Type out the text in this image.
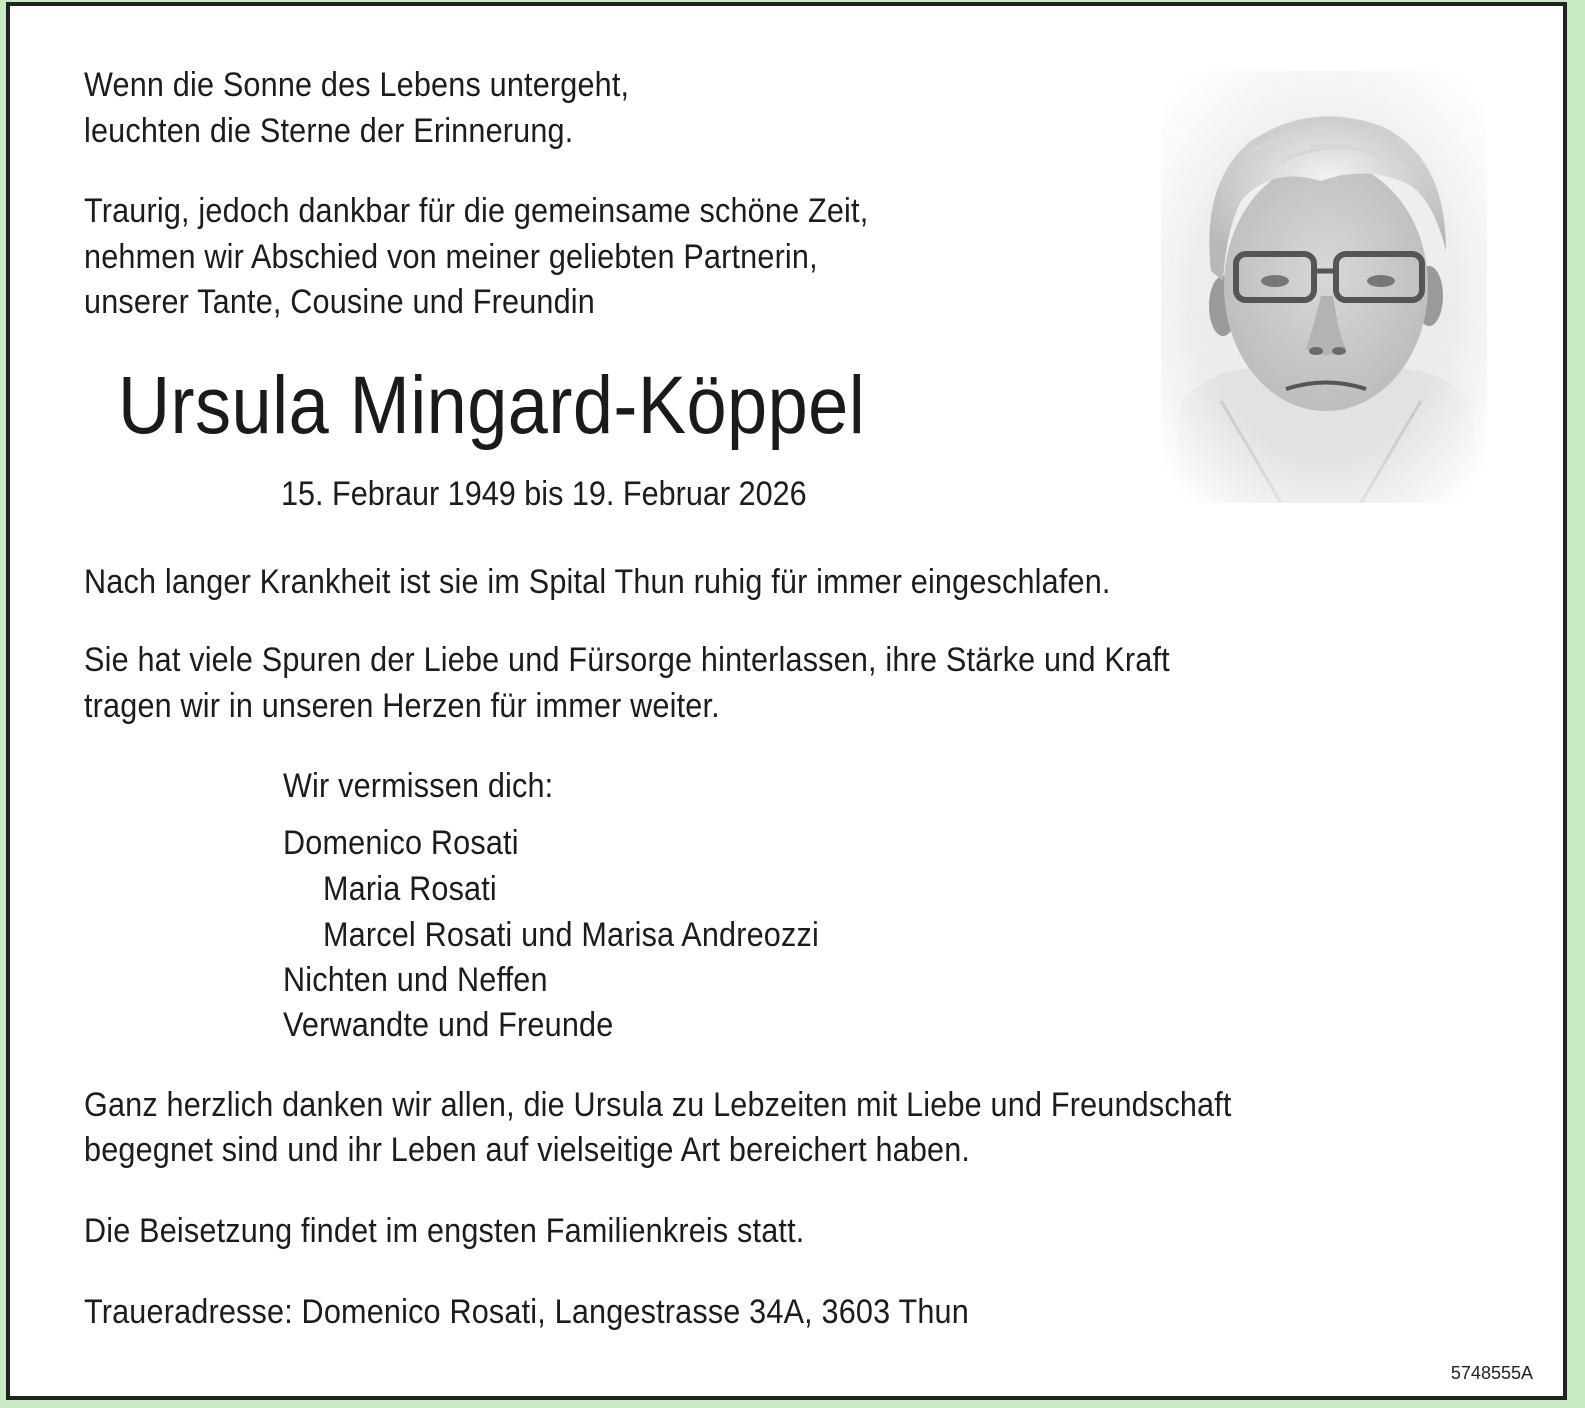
Wenn die Sonne des Lebens untergeht,
leuchten die Sterne der Erinnerung.
Traurig, jedoch dankbar für die gemeinsame schöne Zeit,
nehmen wir Abschied von meiner geliebten Partnerin,
unserer Tante, Cousine und Freundin
Ursula Mingard-Köppel
15. Febraur 1949 bis 19. Februar 2026
Nach langer Krankheit ist sie im Spital Thun ruhig für immer eingeschlafen.
Sie hat viele Spuren der Liebe und Fürsorge hinterlassen, ihre Stärke und Kraft
tragen wir in unseren Herzen für immer weiter.
Wir vermissen dich:
Domenico Rosati
Maria Rosati
Marcel Rosati und Marisa Andreozzi
Nichten und Neffen
Verwandte und Freunde
Ganz herzlich danken wir allen, die Ursula zu Lebzeiten mit Liebe und Freundschaft
begegnet sind und ihr Leben auf vielseitige Art bereichert haben.
Die Beisetzung findet im engsten Familienkreis statt.
Traueradresse: Domenico Rosati, Langestrasse 34A, 3603 Thun
5748555A
